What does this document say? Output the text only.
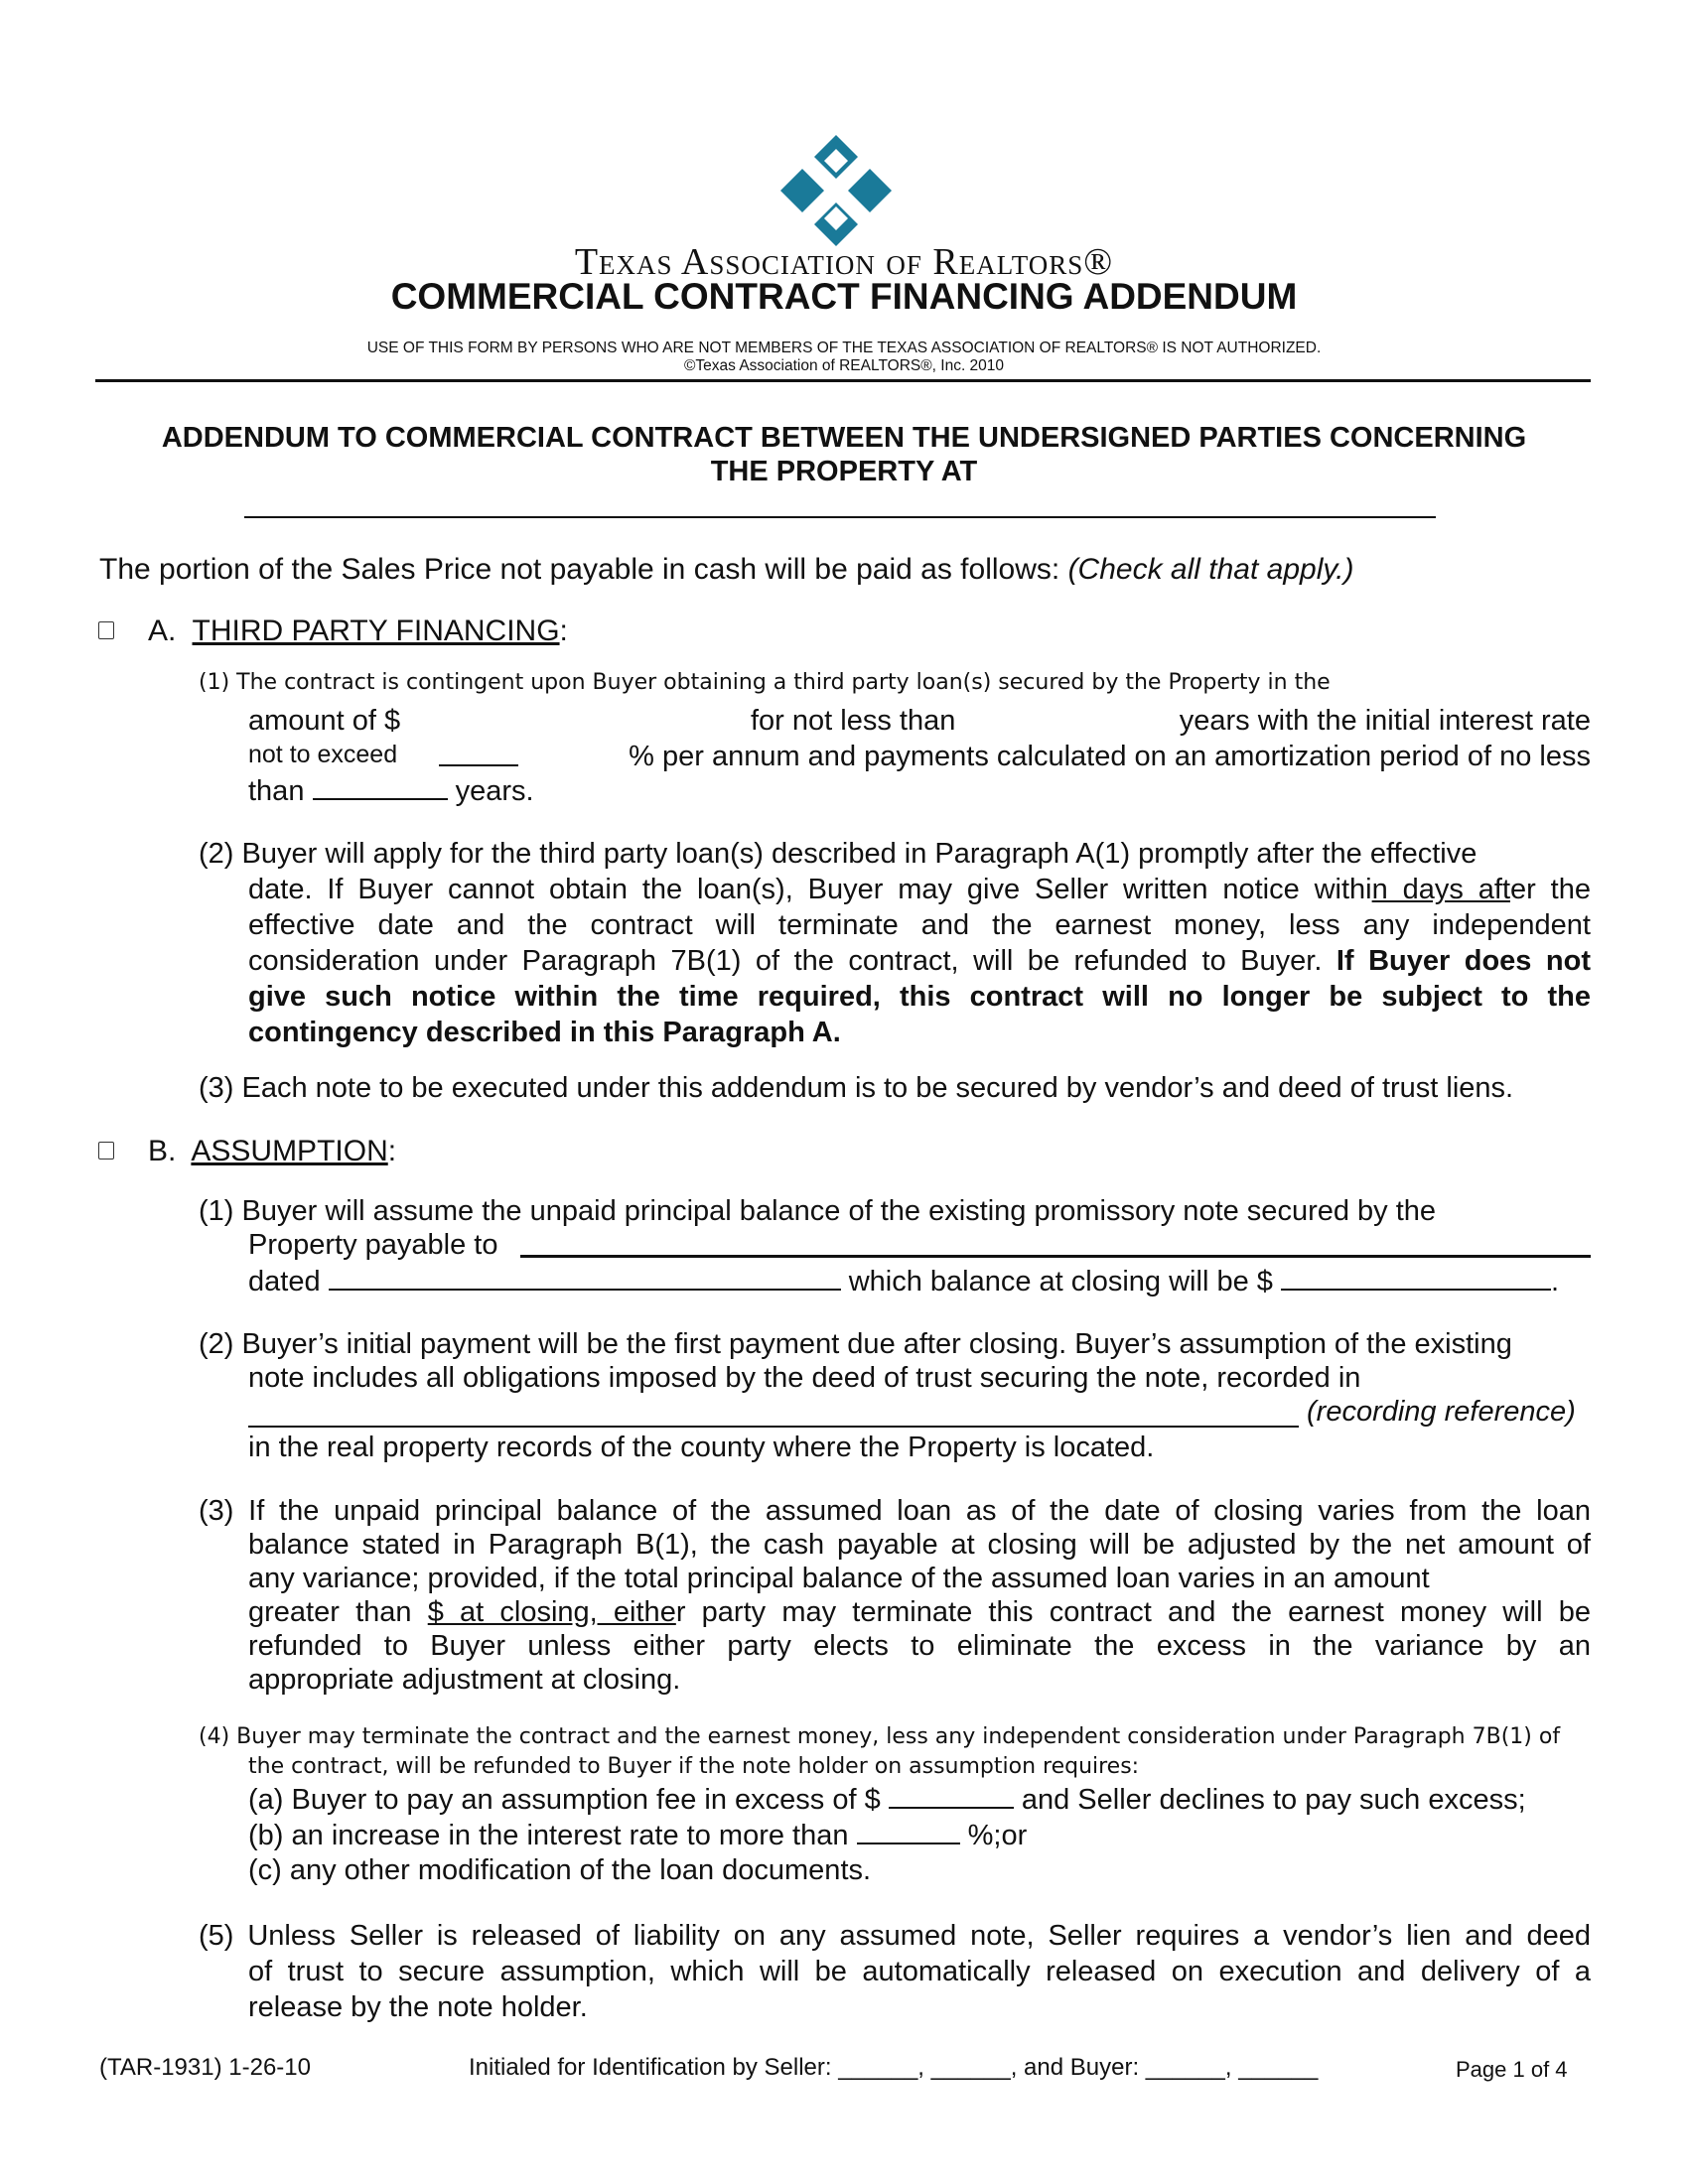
Texas Association of Realtors®
COMMERCIAL CONTRACT FINANCING ADDENDUM
USE OF THIS FORM BY PERSONS WHO ARE NOT MEMBERS OF THE TEXAS ASSOCIATION OF REALTORS® IS NOT AUTHORIZED.
©Texas Association of REALTORS®, Inc. 2010
ADDENDUM TO COMMERCIAL CONTRACT BETWEEN THE UNDERSIGNED PARTIES CONCERNING
THE PROPERTY AT
The portion of the Sales Price not payable in cash will be paid as follows: (Check all that apply.)
A. THIRD PARTY FINANCING:
(1) The contract is contingent upon Buyer obtaining a third party loan(s) secured by the Property in the
amount of $	for not less than	years with the initial interest rate
not to exceed	% per annum and payments calculated on an amortization period of no less
than	years.
(2) Buyer will apply for the third party loan(s) described in Paragraph A(1) promptly after the effective
date. If Buyer cannot obtain the loan(s), Buyer may give Seller written notice within days after the
effective date and the contract will terminate and the earnest money, less any independent
consideration under Paragraph 7B(1) of the contract, will be refunded to Buyer. If Buyer does not
give such notice within the time required, this contract will no longer be subject to the
contingency described in this Paragraph A.
(3) Each note to be executed under this addendum is to be secured by vendor’s and deed of trust liens.
B. ASSUMPTION:
(1) Buyer will assume the unpaid principal balance of the existing promissory note secured by the
Property payable to
dated	which balance at closing will be $	.
(2) Buyer’s initial payment will be the first payment due after closing. Buyer’s assumption of the existing
note includes all obligations imposed by the deed of trust securing the note, recorded in
(recording reference)
in the real property records of the county where the Property is located.
(3) If the unpaid principal balance of the assumed loan as of the date of closing varies from the loan
balance stated in Paragraph B(1), the cash payable at closing will be adjusted by the net amount of
any variance; provided, if the total principal balance of the assumed loan varies in an amount
greater than $ at closing, either party may terminate this contract and the earnest money will be
refunded to Buyer unless either party elects to eliminate the excess in the variance by an
appropriate adjustment at closing.
(4) Buyer may terminate the contract and the earnest money, less any independent consideration under Paragraph 7B(1) of
the contract, will be refunded to Buyer if the note holder on assumption requires:
(a) Buyer to pay an assumption fee in excess of $	and Seller declines to pay such excess;
(b) an increase in the interest rate to more than	%;or
(c) any other modification of the loan documents.
(5) Unless Seller is released of liability on any assumed note, Seller requires a vendor’s lien and deed
of trust to secure assumption, which will be automatically released on execution and delivery of a
release by the note holder.
(TAR-1931) 1-26-10	Initialed for Identification by Seller: ______, ______, and Buyer: ______, ______	Page 1 of 4
